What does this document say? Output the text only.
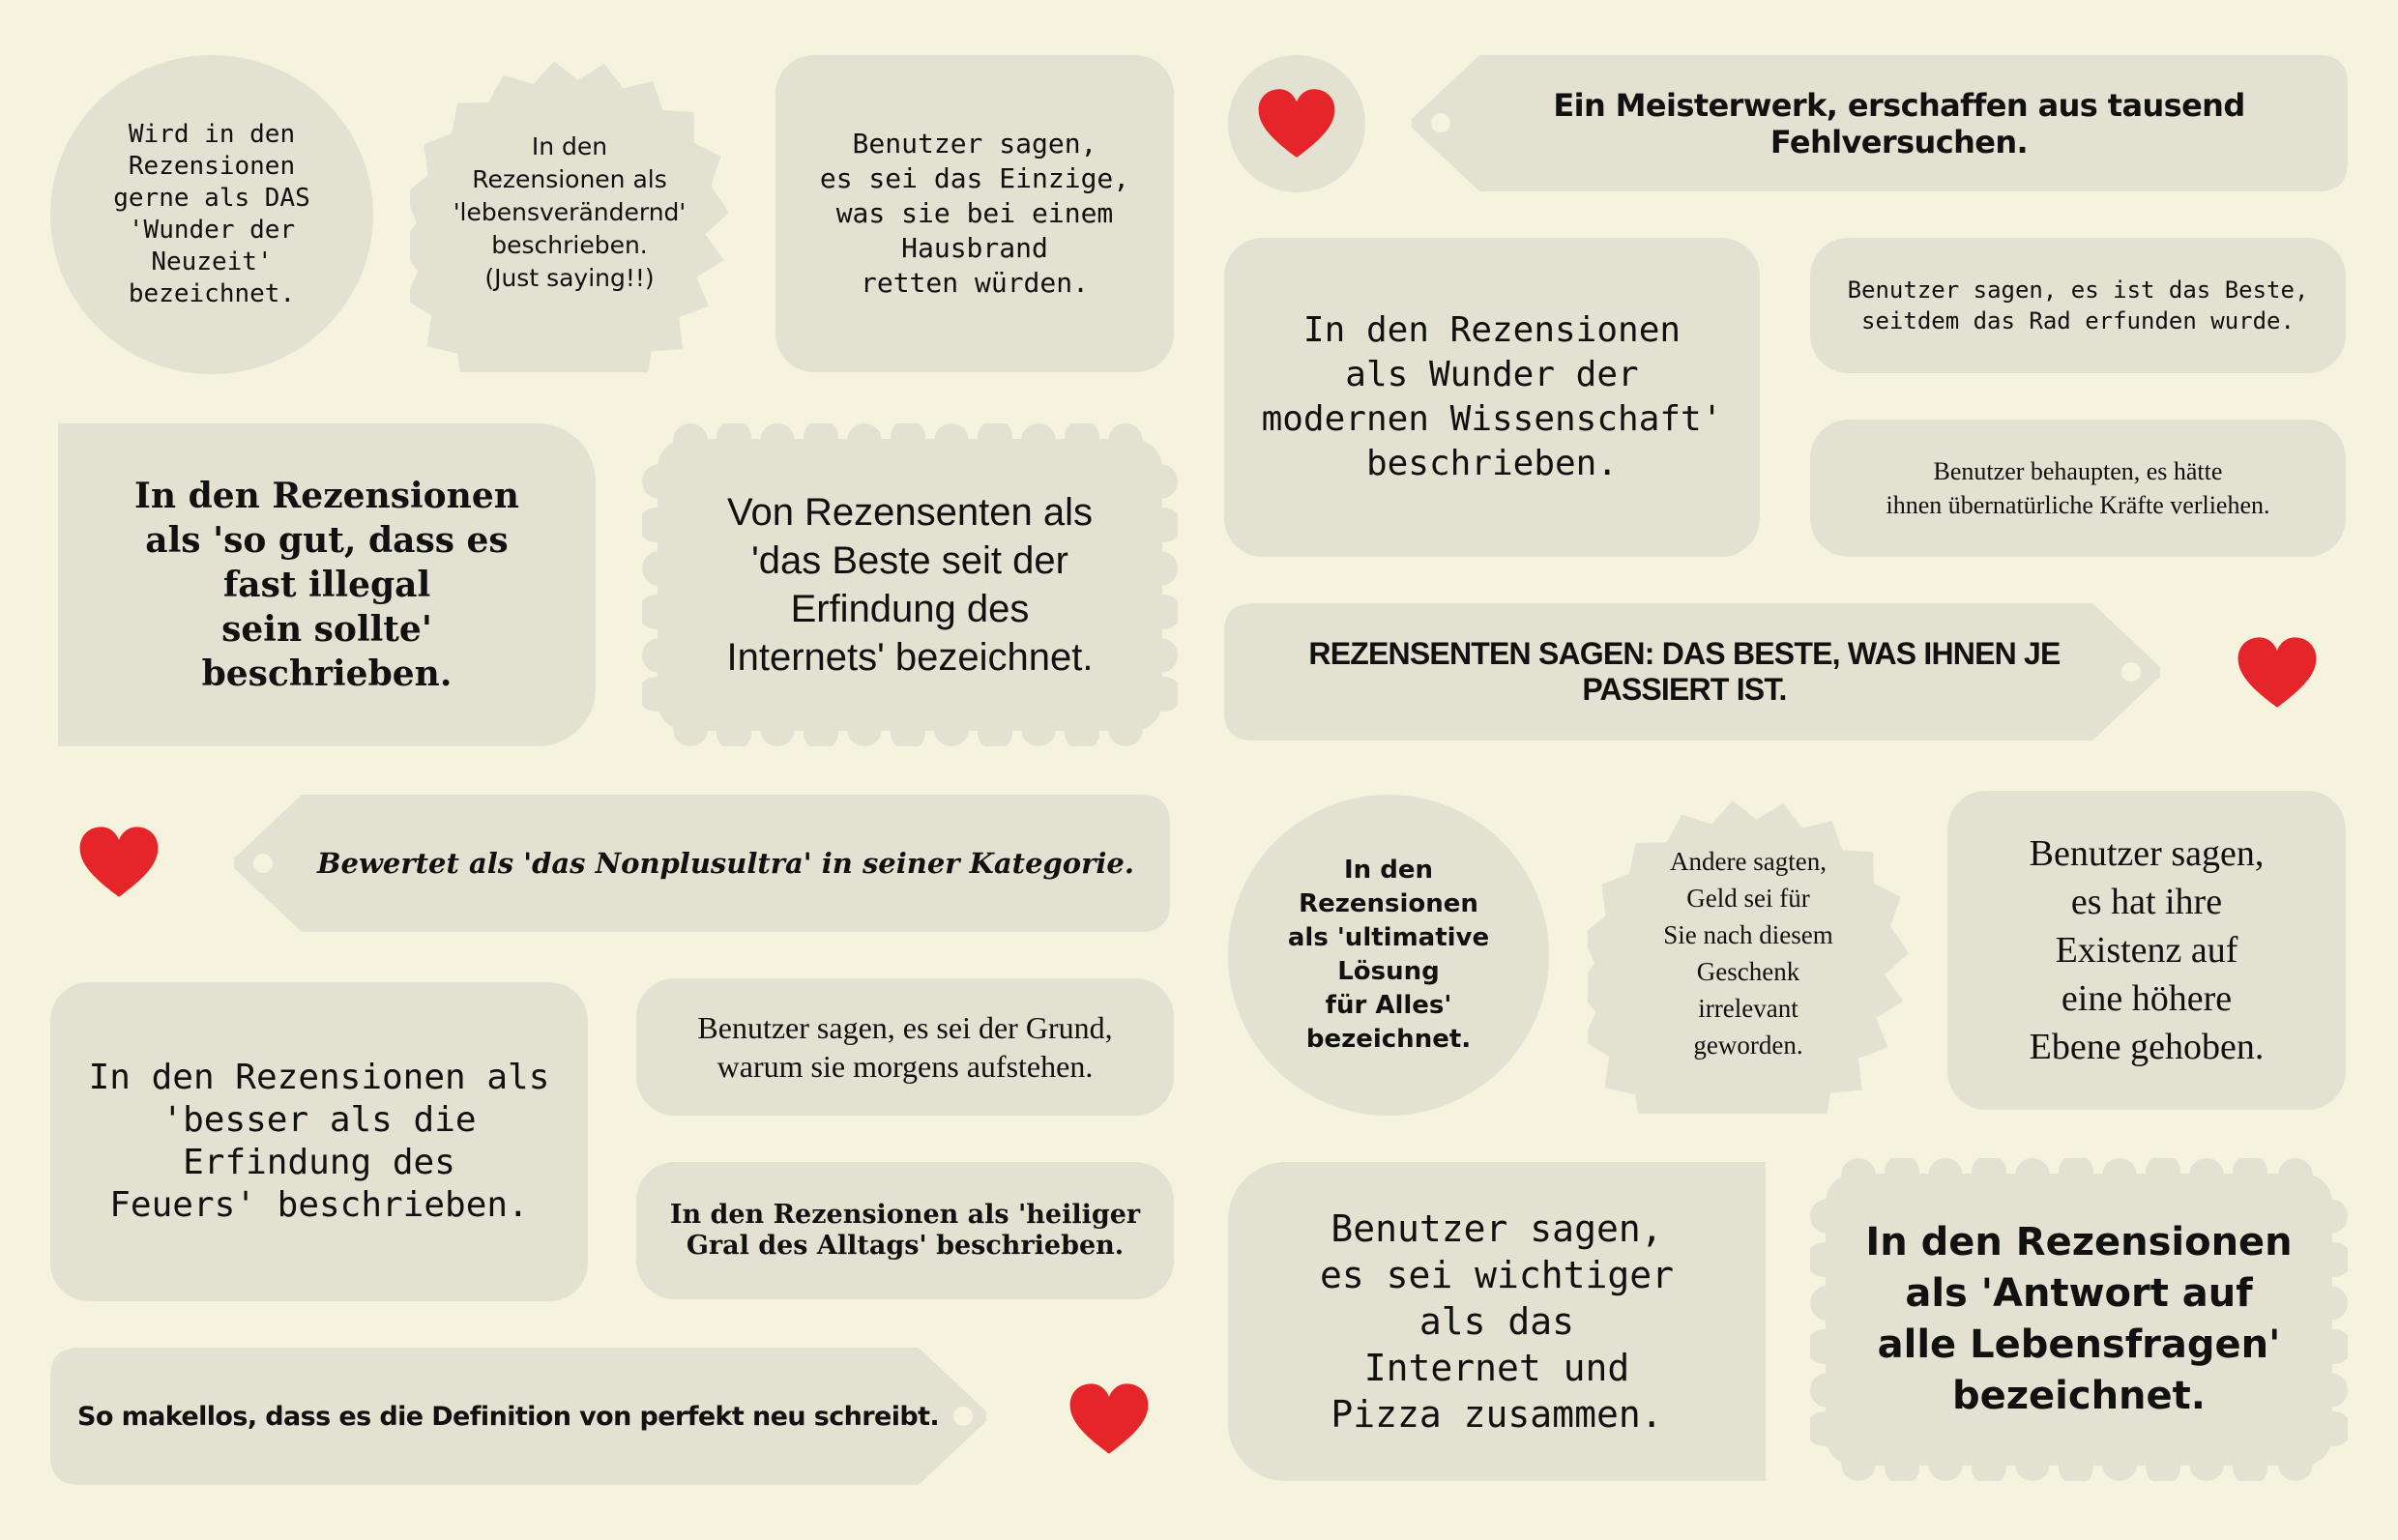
Wird in den
Rezensionen
gerne als DAS
'Wunder der
Neuzeit'
bezeichnet.
In den
Rezensionen als
'lebensverändernd'
beschrieben.
(Just saying!!)
Benutzer sagen,
es sei das Einzige,
was sie bei einem
Hausbrand
retten würden.
Ein Meisterwerk, erschaffen aus tausend Fehlversuchen.
In den Rezensionen
als Wunder der
modernen Wissenschaft'
beschrieben.
Benutzer sagen, es ist das Beste,
seitdem das Rad erfunden wurde.
Benutzer behaupten, es hätte
ihnen übernatürliche Kräfte verliehen.
In den Rezensionen
als 'so gut, dass es
fast illegal
sein sollte'
beschrieben.
Von Rezensenten als
'das Beste seit der
Erfindung des
Internets' bezeichnet.	REZENSENTEN SAGEN: DAS BESTE, WAS IHNEN JE PASSIERT IST.
Bewertet als 'das Nonplusultra' in seiner Kategorie.	In den
Rezensionen
als 'ultimative
Lösung
für Alles'
bezeichnet.
Andere sagten,
Geld sei für
Sie nach diesem
Geschenk
irrelevant
geworden.
Benutzer sagen,
es hat ihre
Existenz auf
eine höhere
Ebene gehoben.
In den Rezensionen als
'besser als die
Erfindung des
Feuers' beschrieben.
Benutzer sagen, es sei der Grund,
warum sie morgens aufstehen.
In den Rezensionen als 'heiliger
Gral des Alltags' beschrieben.	Benutzer sagen,
es sei wichtiger
als das
Internet und
Pizza zusammen.
In den Rezensionen
als 'Antwort auf
alle Lebensfragen'
bezeichnet.
So makellos, dass es die Definition von perfekt neu schreibt.
